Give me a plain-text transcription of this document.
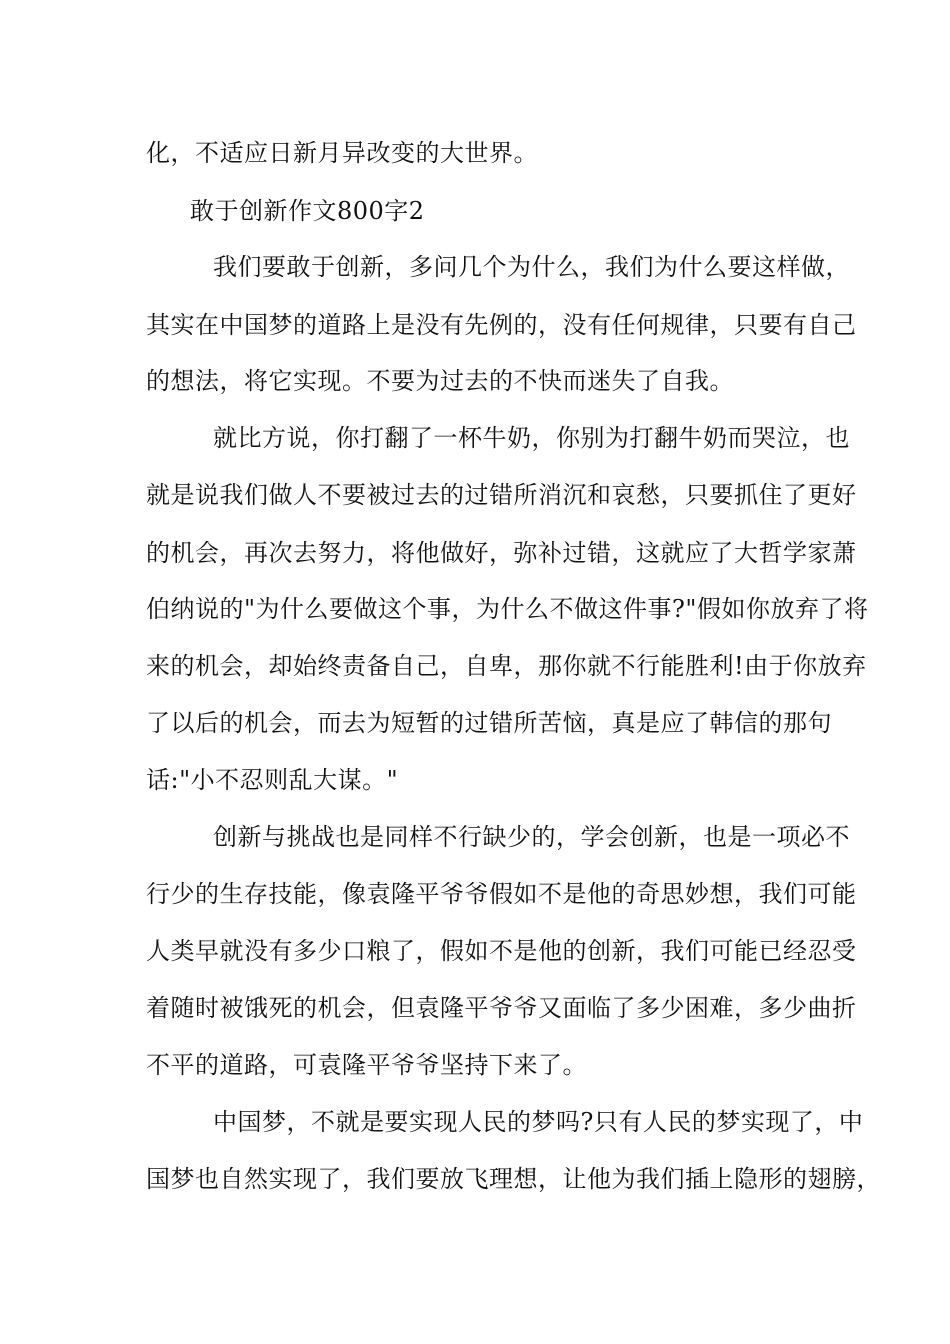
化，不适应日新月异改变的大世界。
敢于创新作文800字2
我们要敢于创新，多问几个为什么，我们为什么要这样做，
其实在中国梦的道路上是没有先例的，没有任何规律，只要有自己
的想法，将它实现。不要为过去的不快而迷失了自我。
就比方说，你打翻了一杯牛奶，你别为打翻牛奶而哭泣，也
就是说我们做人不要被过去的过错所消沉和哀愁，只要抓住了更好
的机会，再次去努力，将他做好，弥补过错，这就应了大哲学家萧
伯纳说的"为什么要做这个事，为什么不做这件事?"假如你放弃了将
来的机会，却始终责备自己，自卑，那你就不行能胜利!由于你放弃
了以后的机会，而去为短暂的过错所苦恼，真是应了韩信的那句
话:"小不忍则乱大谋。"
创新与挑战也是同样不行缺少的，学会创新，也是一项必不
行少的生存技能，像袁隆平爷爷假如不是他的奇思妙想，我们可能
人类早就没有多少口粮了，假如不是他的创新，我们可能已经忍受
着随时被饿死的机会，但袁隆平爷爷又面临了多少困难，多少曲折
不平的道路，可袁隆平爷爷坚持下来了。
中国梦，不就是要实现人民的梦吗?只有人民的梦实现了，中
国梦也自然实现了，我们要放飞理想，让他为我们插上隐形的翅膀，
